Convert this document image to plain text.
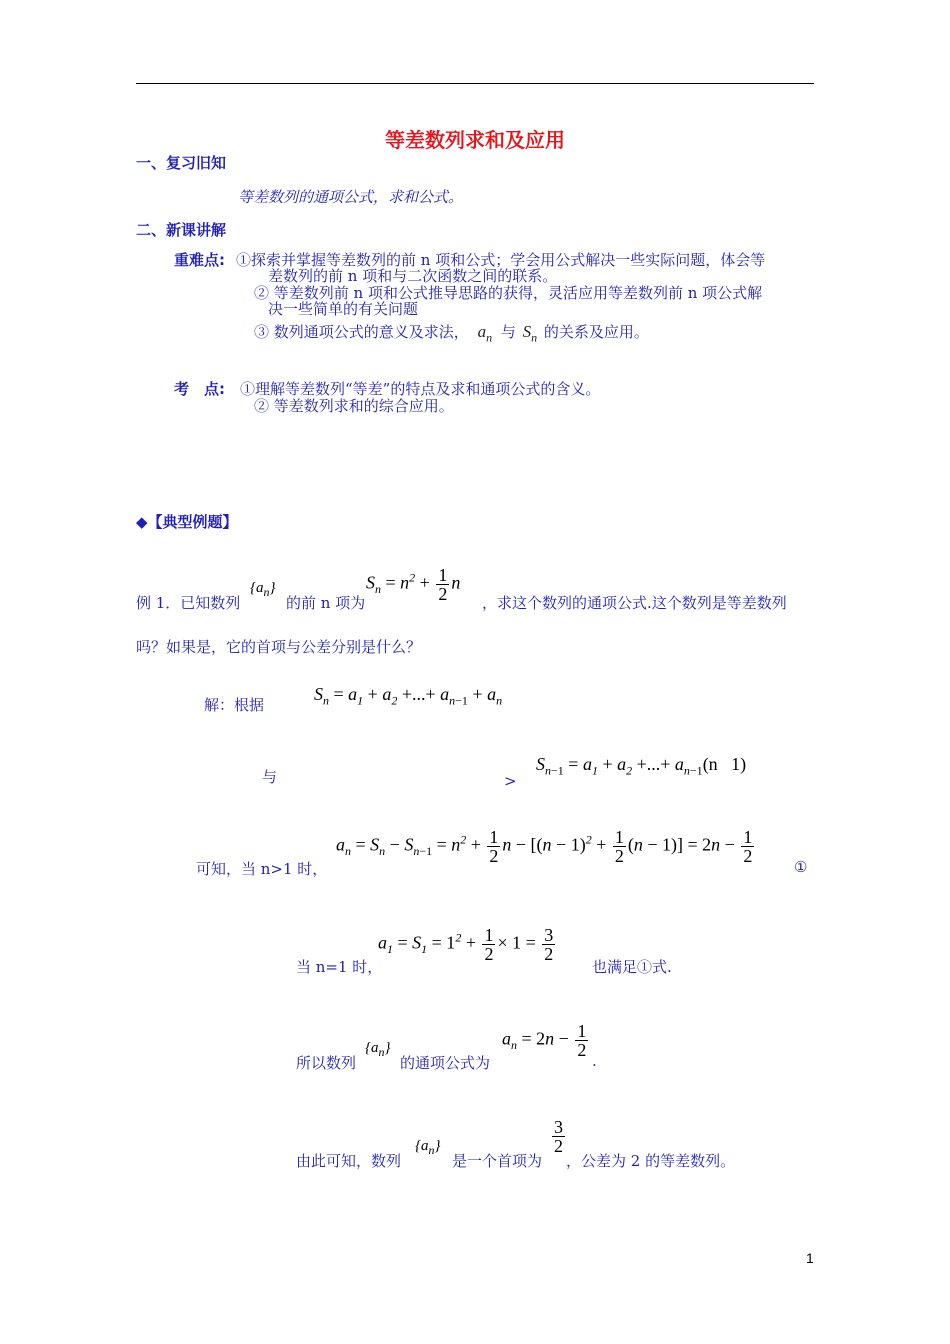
等差数列求和及应用
一、复习旧知
等差数列的通项公式，求和公式。
二、新课讲解
重难点: ①探索并掌握等差数列的前 n 项和公式；学会用公式解决一些实际问题，体会等
差数列的前 n 项和与二次函数之间的联系。
② 等差数列前 n 项和公式推导思路的获得，灵活应用等差数列前 n 项公式解
决一些简单的有关问题
③ 数列通项公式的意义及求法， $a_n$ 与 $S_n$ 的关系及应用。
考　点: ①理解等差数列“等差”的特点及求和通项公式的含义。
② 等差数列求和的综合应用。
◆【典型例题】
例 1．已知数列
$\{a_n\}$
的前 n 项为
$S_n = n^2 + \frac{1}{2}$ n
，求这个数列的通项公式.这个数列是等差数列
吗？如果是，它的首项与公差分别是什么？
解：根据
$S_n = a_1 + a_2$ +...+ $a_{n-1} + a_n$
与	>
$S_{n-1} = a_1 + a_2$ +...+ $a_{n-1}(n$   1)
可知，当 n>1 时，
$a_n = S_n - S_{n-1} = n^2 + \frac{1}{2}$ $n - [(n - 1)^2 + \frac{1}{2} (n - 1)] = 2n - \frac{1}{2}$
①
当 n=1 时，
$a_1 = S_1 = 1^2 + \frac{1}{2} \times 1 = \frac{3}{2}$
也满足①式.
所以数列
$\{a_n\}$
的通项公式为
$a_n = 2n - \frac{1}{2}$
.
由此可知，数列
$\{a_n\}$
是一个首项为
$\frac{3}{2}$
，公差为 2 的等差数列。
1
